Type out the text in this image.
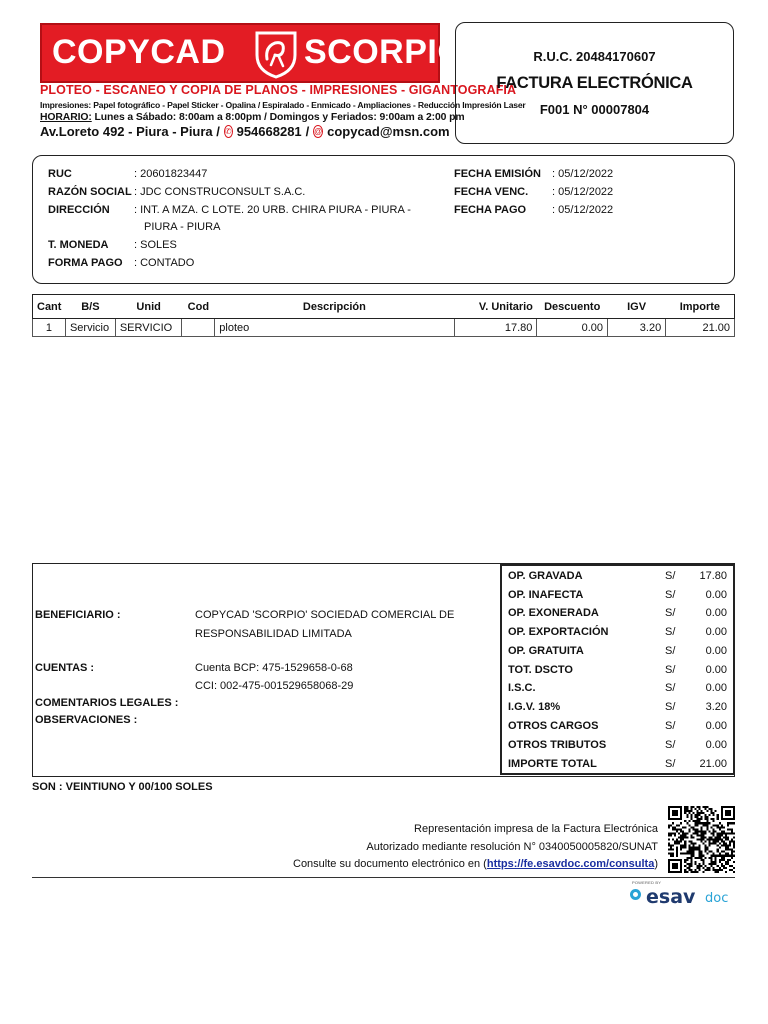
COPYCAD SCORPIO
PLOTEO - ESCANEO Y COPIA DE PLANOS - IMPRESIONES - GIGANTOGRAFIA
Impresiones: Papel fotográfico - Papel Sticker - Opalina / Espiralado - Enmicado - Ampliaciones - Reducción Impresión Laser
HORARIO: Lunes a Sábado: 8:00am a 8:00pm / Domingos y Feriados: 9:00am a 2:00 pm
Av.Loreto 492 - Piura - Piura / ✆ 954668281 / @ copycad@msn.com
R.U.C. 20484170607
FACTURA ELECTRÓNICA
F001 N° 00007804
RUC	: 20601823447
RAZÓN SOCIAL : JDC CONSTRUCONSULT S.A.C.
DIRECCIÓN : INT. A MZA. C LOTE. 20 URB. CHIRA PIURA - PIURA -
PIURA - PIURA
T. MONEDA : SOLES
FORMA PAGO : CONTADO
FECHA EMISIÓN : 05/12/2022
FECHA VENC. : 05/12/2022
FECHA PAGO : 05/12/2022
Cant	B/S	Unid	Cod	Descripción	V. Unitario	Descuento	IGV	Importe
1	Servicio	SERVICIO		ploteo	17.80	0.00	3.20	21.00
BENEFICIARIO :	COPYCAD 'SCORPIO' SOCIEDAD COMERCIAL DE
RESPONSABILIDAD LIMITADA
CUENTAS :	Cuenta BCP: 475-1529658-0-68
CCI: 002-475-001529658068-29
COMENTARIOS LEGALES :
OBSERVACIONES :
OP. GRAVADA	S/ 17.80
OP. INAFECTA	S/	0.00
OP. EXONERADA	S/	0.00
OP. EXPORTACIÓN	S/	0.00
OP. GRATUITA	S/	0.00
TOT. DSCTO	S/	0.00
I.S.C.	S/	0.00
I.G.V. 18%	S/	3.20
OTROS CARGOS	S/	0.00
OTROS TRIBUTOS	S/	0.00
IMPORTE TOTAL	S/ 21.00
SON : VEINTIUNO Y 00/100 SOLES
Representación impresa de la Factura Electrónica
Autorizado mediante resolución N° 0340050005820/SUNAT
Consulte su documento electrónico en (https://fe.esavdoc.com/consulta)
POWERED BY
esav doc
